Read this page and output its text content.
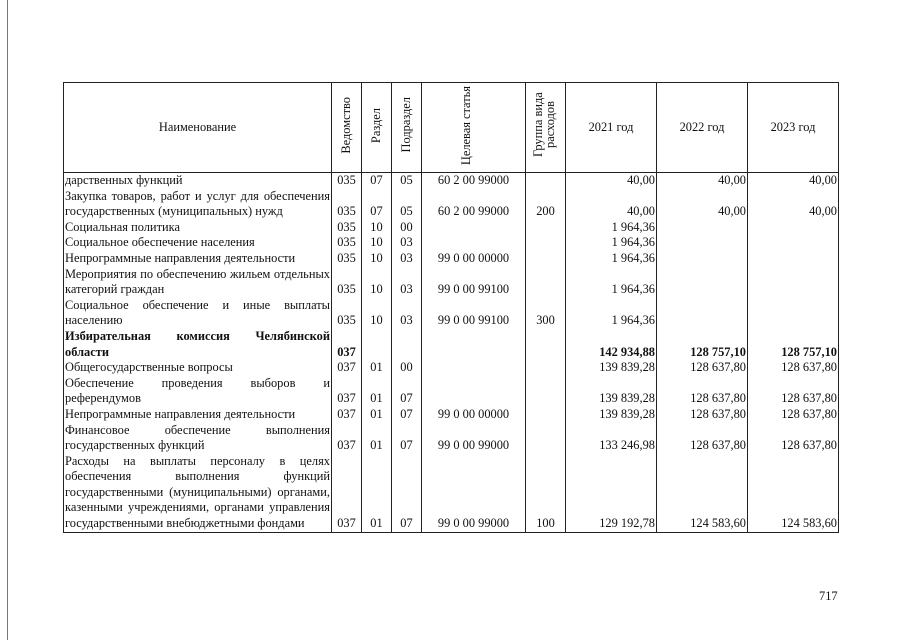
Наименование	Ведомство	Раздел	Подраздел	Целевая статья	Группа вида расходов	2021 год	2022 год	2023 год
дарственных функций	035	07	05	60 2 00 99000		40,00	40,00	40,00
Закупка товаров, работ и услуг для обеспечения государственных (муниципальных) нужд	035	07	05	60 2 00 99000	200	40,00	40,00	40,00
Социальная политика	035	10	00			1 964,36		
Социальное обеспечение населения	035	10	03			1 964,36		
Непрограммные направления деятельности	035	10	03	99 0 00 00000		1 964,36		
Мероприятия по обеспечению жильем отдельных категорий граждан	035	10	03	99 0 00 99100		1 964,36		
Социальное обеспечение и иные выплаты населению	035	10	03	99 0 00 99100	300	1 964,36		
Избирательная комиссия Челябинской области	037					142 934,88	128 757,10	128 757,10
Общегосударственные вопросы	037	01	00			139 839,28	128 637,80	128 637,80
Обеспечение проведения выборов и референдумов	037	01	07			139 839,28	128 637,80	128 637,80
Непрограммные направления деятельности	037	01	07	99 0 00 00000		139 839,28	128 637,80	128 637,80
Финансовое обеспечение выполнения государственных функций	037	01	07	99 0 00 99000		133 246,98	128 637,80	128 637,80
Расходы на выплаты персоналу в целях обеспечения выполнения функций государственными (муниципальными) органами, казенными учреждениями, органами управления государственными внебюджетными фондами	037	01	07	99 0 00 99000	100	129 192,78	124 583,60	124 583,60
717
